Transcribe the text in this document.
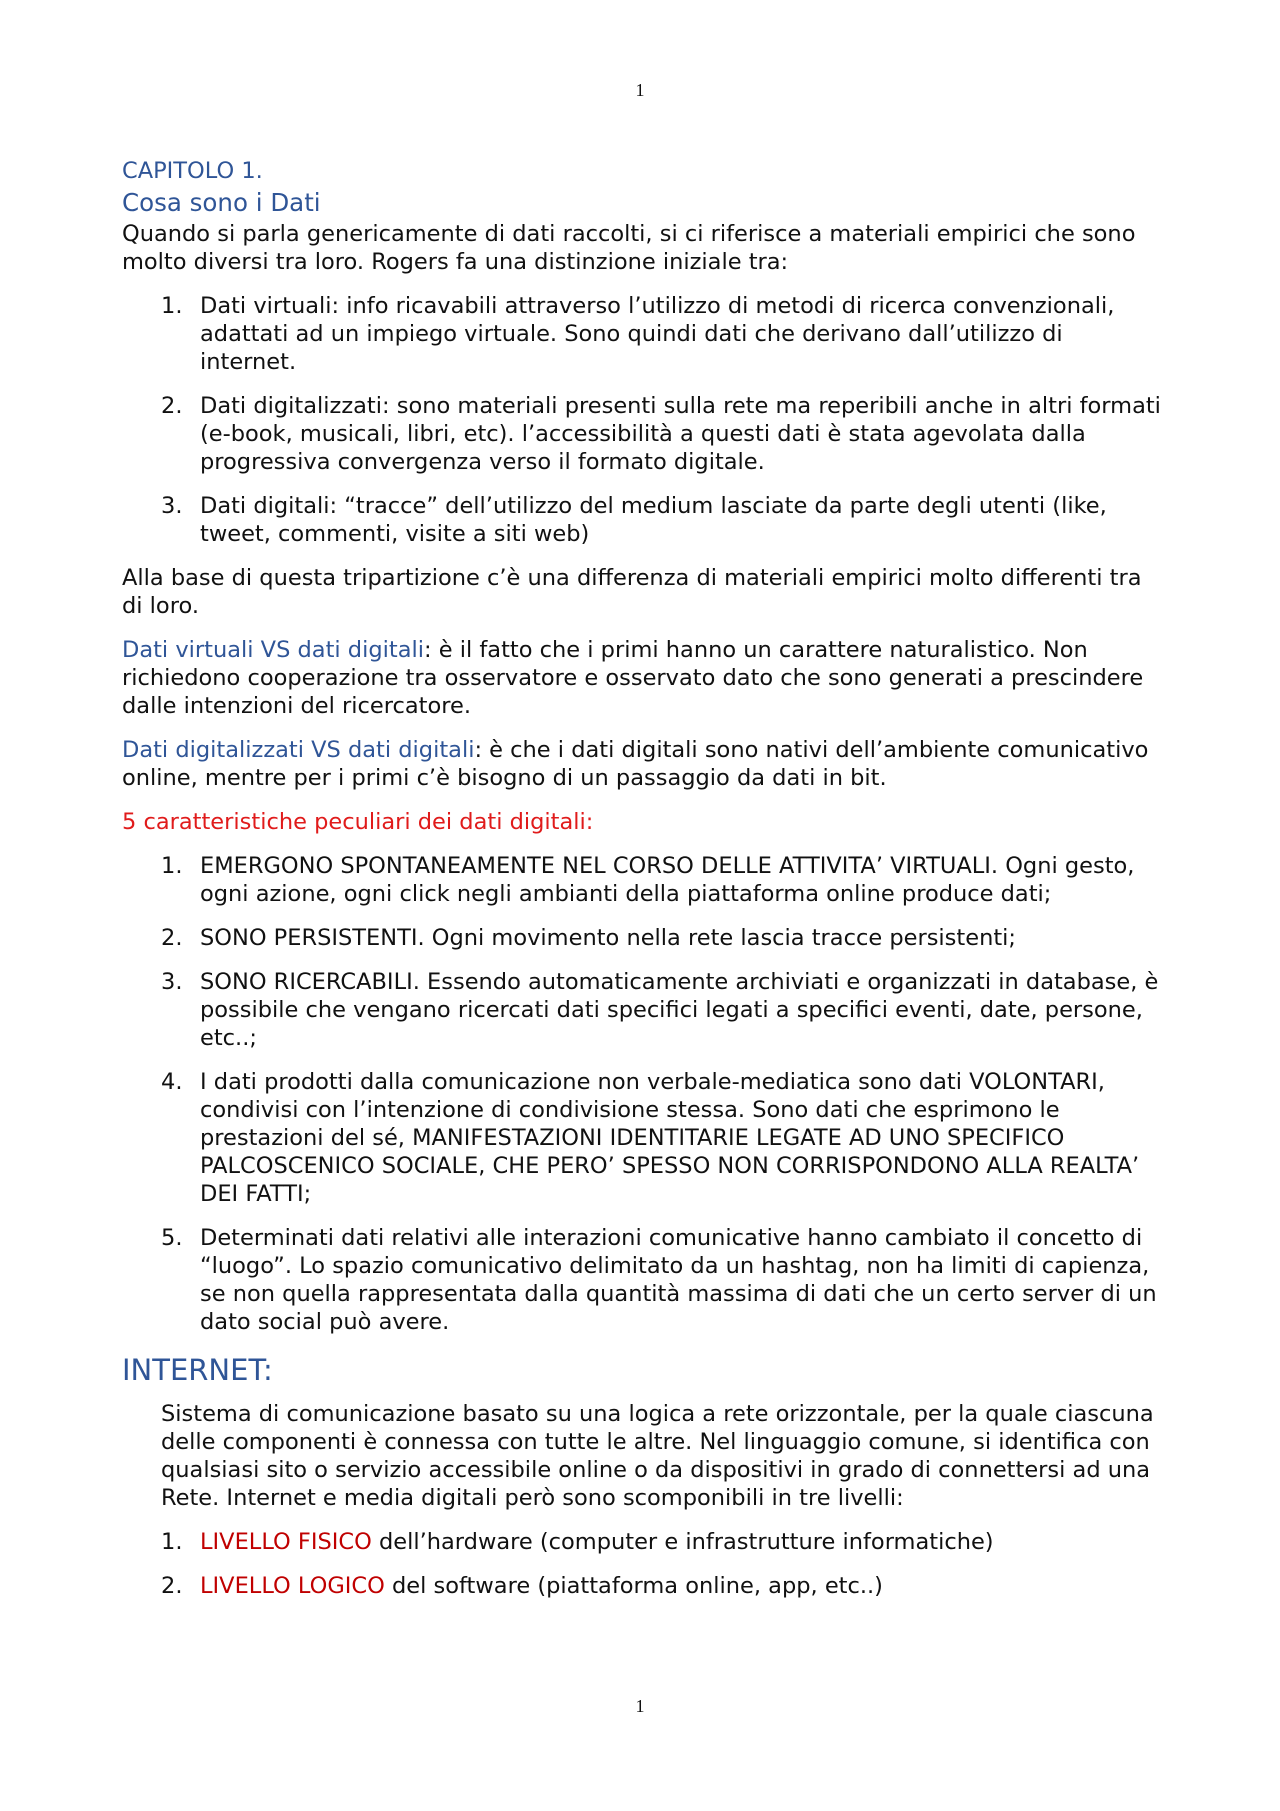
1
CAPITOLO 1.
Cosa sono i Dati

Quando si parla genericamente di dati raccolti, si ci riferisce a materiali empirici che sono molto diversi tra loro. Rogers fa una distinzione iniziale tra:

1. Dati virtuali: info ricavabili attraverso l’utilizzo di metodi di ricerca convenzionali, adattati ad un impiego virtuale. Sono quindi dati che derivano dall’utilizzo di internet.
2. Dati digitalizzati: sono materiali presenti sulla rete ma reperibili anche in altri formati (e-book, musicali, libri, etc). l’accessibilità a questi dati è stata agevolata dalla progressiva convergenza verso il formato digitale.
3. Dati digitali: “tracce” dell’utilizzo del medium lasciate da parte degli utenti (like, tweet, commenti, visite a siti web)

Alla base di questa tripartizione c’è una differenza di materiali empirici molto differenti tra di loro.

Dati virtuali VS dati digitali: è il fatto che i primi hanno un carattere naturalistico. Non richiedono cooperazione tra osservatore e osservato dato che sono generati a prescindere dalle intenzioni del ricercatore.

Dati digitalizzati VS dati digitali: è che i dati digitali sono nativi dell’ambiente comunicativo online, mentre per i primi c’è bisogno di un passaggio da dati in bit.

5 caratteristiche peculiari dei dati digitali:

1. EMERGONO SPONTANEAMENTE NEL CORSO DELLE ATTIVITA’ VIRTUALI. Ogni gesto, ogni azione, ogni click negli ambianti della piattaforma online produce dati;
2. SONO PERSISTENTI. Ogni movimento nella rete lascia tracce persistenti;
3. SONO RICERCABILI. Essendo automaticamente archiviati e organizzati in database, è possibile che vengano ricercati dati specifici legati a specifici eventi, date, persone, etc..;
4. I dati prodotti dalla comunicazione non verbale-mediatica sono dati VOLONTARI, condivisi con l’intenzione di condivisione stessa. Sono dati che esprimono le prestazioni del sé, MANIFESTAZIONI IDENTITARIE LEGATE AD UNO SPECIFICO PALCOSCENICO SOCIALE, CHE PERO’ SPESSO NON CORRISPONDONO ALLA REALTA’ DEI FATTI;
5. Determinati dati relativi alle interazioni comunicative hanno cambiato il concetto di “luogo”. Lo spazio comunicativo delimitato da un hashtag, non ha limiti di capienza, se non quella rappresentata dalla quantità massima di dati che un certo server di un dato social può avere.
INTERNET:

Sistema di comunicazione basato su una logica a rete orizzontale, per la quale ciascuna delle componenti è connessa con tutte le altre. Nel linguaggio comune, si identifica con qualsiasi sito o servizio accessibile online o da dispositivi in grado di connettersi ad una Rete. Internet e media digitali però sono scomponibili in tre livelli:

1. LIVELLO FISICO dell’hardware (computer e infrastrutture informatiche)
2. LIVELLO LOGICO del software (piattaforma online, app, etc..)
1
